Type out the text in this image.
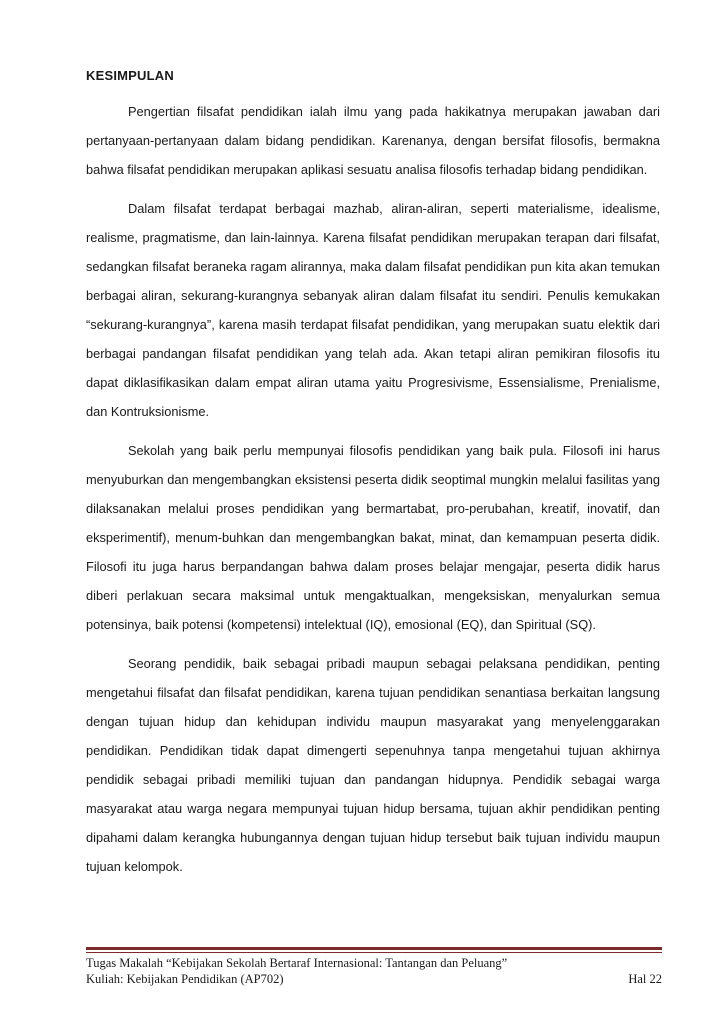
KESIMPULAN

Pengertian filsafat pendidikan ialah ilmu yang pada hakikatnya merupakan jawaban dari pertanyaan-pertanyaan dalam bidang pendidikan. Karenanya, dengan bersifat filosofis, bermakna bahwa filsafat pendidikan merupakan aplikasi sesuatu analisa filosofis terhadap bidang pendidikan.

Dalam filsafat terdapat berbagai mazhab, aliran-aliran, seperti materialisme, idealisme, realisme, pragmatisme, dan lain-lainnya. Karena filsafat pendidikan merupakan terapan dari filsafat, sedangkan filsafat beraneka ragam alirannya, maka dalam filsafat pendidikan pun kita akan temukan berbagai aliran, sekurang-kurangnya sebanyak aliran dalam filsafat itu sendiri. Penulis kemukakan “sekurang-kurangnya”, karena masih terdapat filsafat pendidikan, yang merupakan suatu elektik dari berbagai pandangan filsafat pendidikan yang telah ada. Akan tetapi aliran pemikiran filosofis itu dapat diklasifikasikan dalam empat aliran utama yaitu Progresivisme, Essensialisme, Prenialisme, dan Kontruksionisme.

Sekolah yang baik perlu mempunyai filosofis pendidikan yang baik pula. Filosofi ini harus menyuburkan dan mengembangkan eksistensi peserta didik seoptimal mungkin melalui fasilitas yang dilaksanakan melalui proses pendidikan yang bermartabat, pro-perubahan, kreatif, inovatif, dan eksperimentif), menum-buhkan dan mengembangkan bakat, minat, dan kemampuan peserta didik. Filosofi itu juga harus berpandangan bahwa dalam proses belajar mengajar, peserta didik harus diberi perlakuan secara maksimal untuk mengaktualkan, mengeksiskan, menyalurkan semua potensinya, baik potensi (kompetensi) intelektual (IQ), emosional (EQ), dan Spiritual (SQ).

Seorang pendidik, baik sebagai pribadi maupun sebagai pelaksana pendidikan, penting mengetahui filsafat dan filsafat pendidikan, karena tujuan pendidikan senantiasa berkaitan langsung dengan tujuan hidup dan kehidupan individu maupun masyarakat yang menyelenggarakan pendidikan. Pendidikan tidak dapat dimengerti sepenuhnya tanpa mengetahui tujuan akhirnya pendidik sebagai pribadi memiliki tujuan dan pandangan hidupnya. Pendidik sebagai warga masyarakat atau warga negara mempunyai tujuan hidup bersama, tujuan akhir pendidikan penting dipahami dalam kerangka hubungannya dengan tujuan hidup tersebut baik tujuan individu maupun tujuan kelompok.

Tugas Makalah “Kebijakan Sekolah Bertaraf Internasional: Tantangan dan Peluang”
Kuliah: Kebijakan Pendidikan (AP702)	Hal 22
